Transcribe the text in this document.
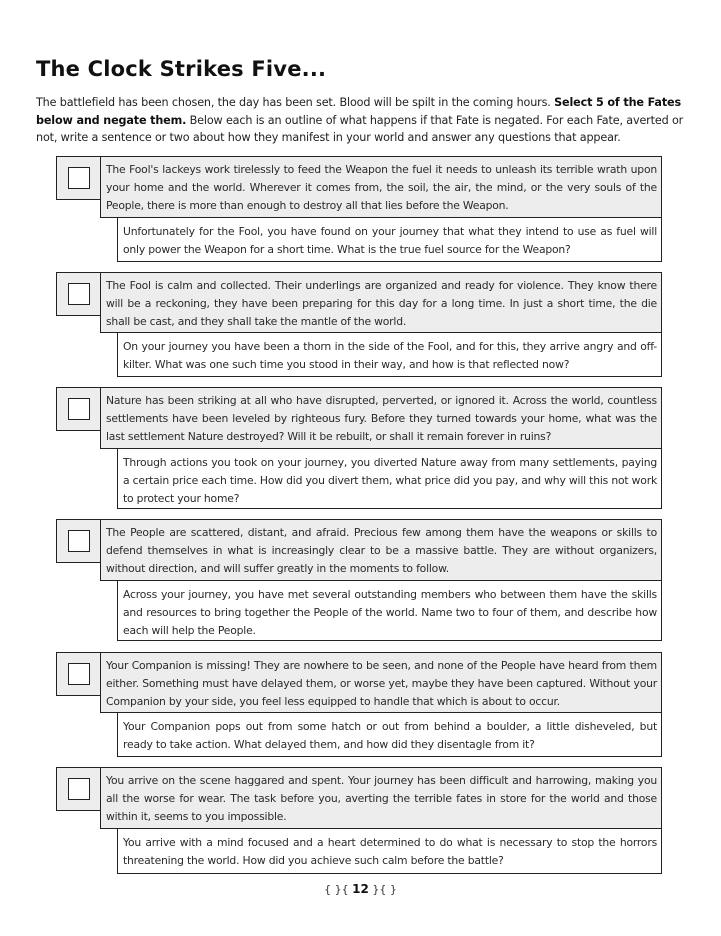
The Clock Strikes Five...

The battlefield has been chosen, the day has been set. Blood will be spilt in the coming hours. Select 5 of the Fates below and negate them. Below each is an outline of what happens if that Fate is negated. For each Fate, averted or not, write a sentence or two about how they manifest in your world and answer any questions that appear.

The Fool's lackeys work tirelessly to feed the Weapon the fuel it needs to unleash its terrible wrath upon your home and the world. Wherever it comes from, the soil, the air, the mind, or the very souls of the People, there is more than enough to destroy all that lies before the Weapon.
Unfortunately for the Fool, you have found on your journey that what they intend to use as fuel will only power the Weapon for a short time. What is the true fuel source for the Weapon?
The Fool is calm and collected. Their underlings are organized and ready for violence. They know there will be a reckoning, they have been preparing for this day for a long time. In just a short time, the die shall be cast, and they shall take the mantle of the world.
On your journey you have been a thorn in the side of the Fool, and for this, they arrive angry and off-kilter. What was one such time you stood in their way, and how is that reflected now?
Nature has been striking at all who have disrupted, perverted, or ignored it. Across the world, countless settlements have been leveled by righteous fury. Before they turned towards your home, what was the last settlement Nature destroyed? Will it be rebuilt, or shall it remain forever in ruins?
Through actions you took on your journey, you diverted Nature away from many settlements, paying a certain price each time. How did you divert them, what price did you pay, and why will this not work to protect your home?
The People are scattered, distant, and afraid. Precious few among them have the weapons or skills to defend themselves in what is increasingly clear to be a massive battle. They are without organizers, without direction, and will suffer greatly in the moments to follow.
Across your journey, you have met several outstanding members who between them have the skills and resources to bring together the People of the world. Name two to four of them, and describe how each will help the People.
Your Companion is missing! They are nowhere to be seen, and none of the People have heard from them either. Something must have delayed them, or worse yet, maybe they have been captured. Without your Companion by your side, you feel less equipped to handle that which is about to occur.
Your Companion pops out from some hatch or out from behind a boulder, a little disheveled, but ready to take action. What delayed them, and how did they disentagle from it?
You arrive on the scene haggared and spent. Your journey has been difficult and harrowing, making you all the worse for wear. The task before you, averting the terrible fates in store for the world and those within it, seems to you impossible.
You arrive with a mind focused and a heart determined to do what is necessary to stop the horrors threatening the world. How did you achieve such calm before the battle?
{ }{ 12 }{ }
